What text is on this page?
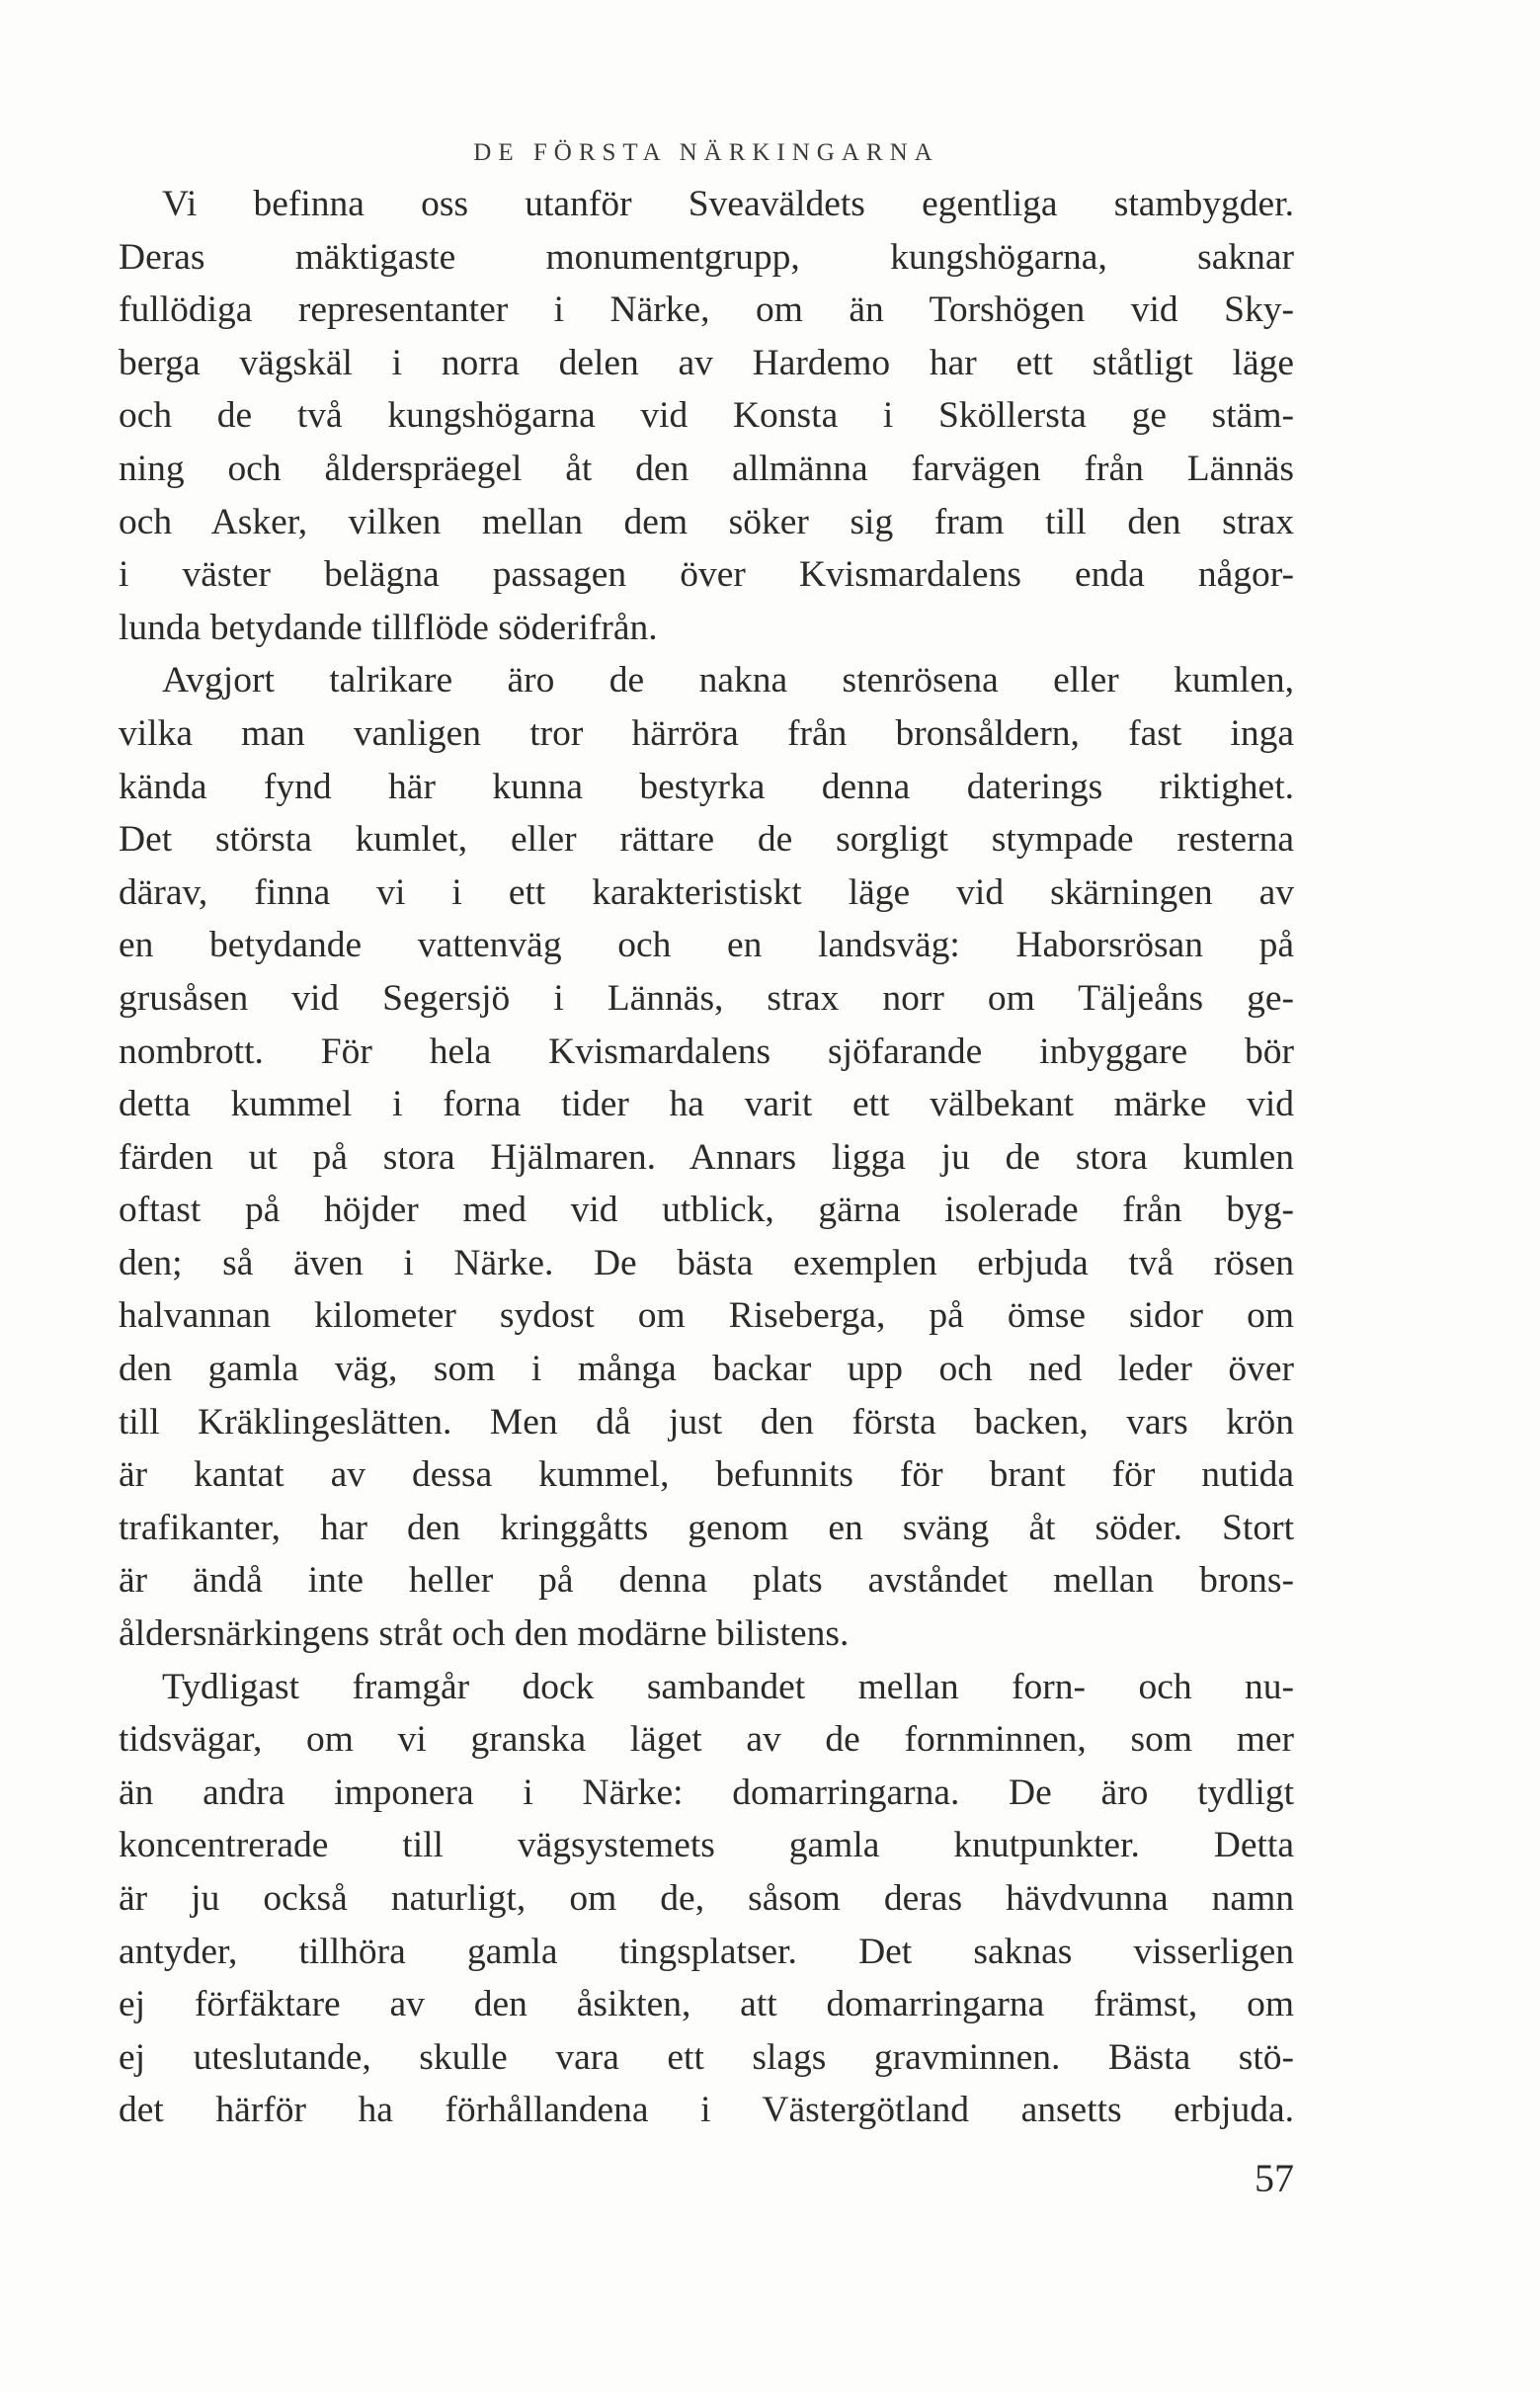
DE FÖRSTA NÄRKINGARNA
Vi befinna oss utanför Sveaväldets egentliga stambygder.
Deras mäktigaste monumentgrupp, kungshögarna, saknar
fullödiga representanter i Närke, om än Torshögen vid Sky-
berga vägskäl i norra delen av Hardemo har ett ståtligt läge
och de två kungshögarna vid Konsta i Sköllersta ge stäm-
ning och ålderspräegel åt den allmänna farvägen från Lännäs
och Asker, vilken mellan dem söker sig fram till den strax
i väster belägna passagen över Kvismardalens enda någor-
lunda betydande tillflöde söderifrån.
Avgjort talrikare äro de nakna stenrösena eller kumlen,
vilka man vanligen tror härröra från bronsåldern, fast inga
kända fynd här kunna bestyrka denna daterings riktighet.
Det största kumlet, eller rättare de sorgligt stympade resterna
därav, finna vi i ett karakteristiskt läge vid skärningen av
en betydande vattenväg och en landsväg: Haborsrösan på
grusåsen vid Segersjö i Lännäs, strax norr om Täljeåns ge-
nombrott. För hela Kvismardalens sjöfarande inbyggare bör
detta kummel i forna tider ha varit ett välbekant märke vid
färden ut på stora Hjälmaren. Annars ligga ju de stora kumlen
oftast på höjder med vid utblick, gärna isolerade från byg-
den; så även i Närke. De bästa exemplen erbjuda två rösen
halvannan kilometer sydost om Riseberga, på ömse sidor om
den gamla väg, som i många backar upp och ned leder över
till Kräklingeslätten. Men då just den första backen, vars krön
är kantat av dessa kummel, befunnits för brant för nutida
trafikanter, har den kringgåtts genom en sväng åt söder. Stort
är ändå inte heller på denna plats avståndet mellan brons-
åldersnärkingens stråt och den modärne bilistens.
Tydligast framgår dock sambandet mellan forn- och nu-
tidsvägar, om vi granska läget av de fornminnen, som mer
än andra imponera i Närke: domarringarna. De äro tydligt
koncentrerade till vägsystemets gamla knutpunkter. Detta
är ju också naturligt, om de, såsom deras hävdvunna namn
antyder, tillhöra gamla tingsplatser. Det saknas visserligen
ej förfäktare av den åsikten, att domarringarna främst, om
ej uteslutande, skulle vara ett slags gravminnen. Bästa stö-
det härför ha förhållandena i Västergötland ansetts erbjuda.
57
